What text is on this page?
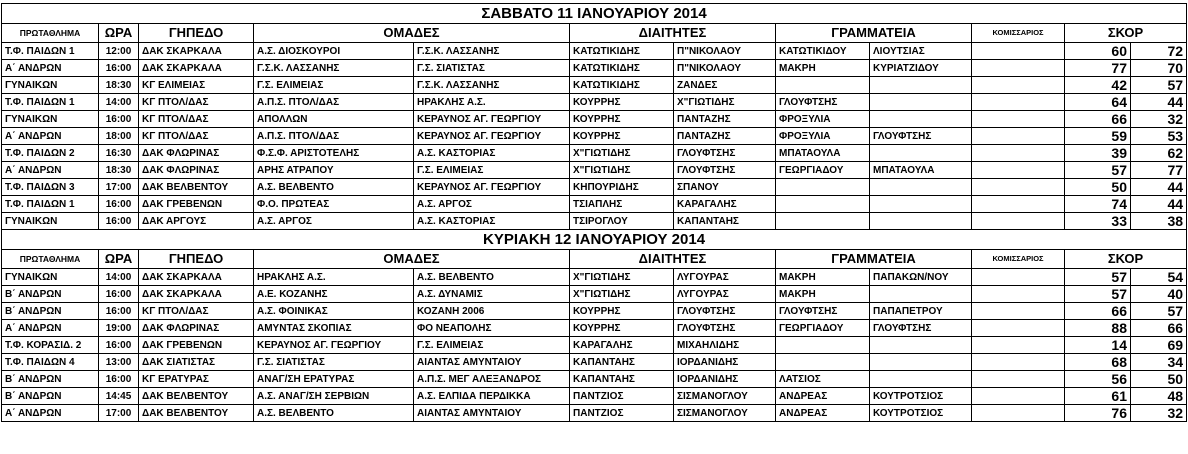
ΣΑΒΒΑΤΟ 11 ΙΑΝΟΥΑΡΙΟΥ 2014											
ΠΡΩΤΑΘΛΗΜΑ	ΩΡΑ	ΓΗΠΕΔΟ	ΟΜΑΔΕΣ		ΔΙΑΙΤΗΤΕΣ		ΓΡΑΜΜΑΤΕΙΑ		ΚΟΜΙΣΣΑΡΙΟΣ	ΣΚΟΡ	
Τ.Φ. ΠΑΙΔΩΝ 1	12:00	ΔΑΚ ΣΚΑΡΚΑΛΑ	Α.Σ. ΔΙΟΣΚΟΥΡΟΙ	Γ.Σ.Κ. ΛΑΣΣΑΝΗΣ	ΚΑΤΩΤΙΚΙΔΗΣ	Π"ΝΙΚΟΛΑΟΥ	ΚΑΤΩΤΙΚΙΔΟΥ	ΛΙΟΥΤΣΙΑΣ		60	72
Α΄ ΑΝΔΡΩΝ	16:00	ΔΑΚ ΣΚΑΡΚΑΛΑ	Γ.Σ.Κ. ΛΑΣΣΑΝΗΣ	Γ.Σ. ΣΙΑΤΙΣΤΑΣ	ΚΑΤΩΤΙΚΙΔΗΣ	Π"ΝΙΚΟΛΑΟΥ	ΜΑΚΡΗ	ΚΥΡΙΑΤΖΙΔΟΥ		77	70
ΓΥΝΑΙΚΩΝ	18:30	ΚΓ ΕΛΙΜΕΙΑΣ	Γ.Σ. ΕΛΙΜΕΙΑΣ	Γ.Σ.Κ. ΛΑΣΣΑΝΗΣ	ΚΑΤΩΤΙΚΙΔΗΣ	ΖΑΝΔΕΣ				42	57
Τ.Φ. ΠΑΙΔΩΝ 1	14:00	ΚΓ ΠΤΟΛ/ΔΑΣ	Α.Π.Σ. ΠΤΟΛ/ΔΑΣ	ΗΡΑΚΛΗΣ Α.Σ.	ΚΟΥΡΡΗΣ	Χ"ΓΙΩΤΙΔΗΣ	ΓΛΟΥΦΤΣΗΣ			64	44
ΓΥΝΑΙΚΩΝ	16:00	ΚΓ ΠΤΟΛ/ΔΑΣ	ΑΠΟΛΛΩΝ	ΚΕΡΑΥΝΟΣ ΑΓ. ΓΕΩΡΓΙΟΥ	ΚΟΥΡΡΗΣ	ΠΑΝΤΑΖΗΣ	ΦΡΟΞΥΛΙΑ			66	32
Α΄ ΑΝΔΡΩΝ	18:00	ΚΓ ΠΤΟΛ/ΔΑΣ	Α.Π.Σ. ΠΤΟΛ/ΔΑΣ	ΚΕΡΑΥΝΟΣ ΑΓ. ΓΕΩΡΓΙΟΥ	ΚΟΥΡΡΗΣ	ΠΑΝΤΑΖΗΣ	ΦΡΟΞΥΛΙΑ	ΓΛΟΥΦΤΣΗΣ		59	53
Τ.Φ. ΠΑΙΔΩΝ 2	16:30	ΔΑΚ ΦΛΩΡΙΝΑΣ	Φ.Σ.Φ. ΑΡΙΣΤΟΤΕΛΗΣ	Α.Σ. ΚΑΣΤΟΡΙΑΣ	Χ"ΓΙΩΤΙΔΗΣ	ΓΛΟΥΦΤΣΗΣ	ΜΠΑΤΑΟΥΛΑ			39	62
Α΄ ΑΝΔΡΩΝ	18:30	ΔΑΚ ΦΛΩΡΙΝΑΣ	ΑΡΗΣ ΑΤΡΑΠΟΥ	Γ.Σ. ΕΛΙΜΕΙΑΣ	Χ"ΓΙΩΤΙΔΗΣ	ΓΛΟΥΦΤΣΗΣ	ΓΕΩΡΓΙΑΔΟΥ	ΜΠΑΤΑΟΥΛΑ		57	77
Τ.Φ. ΠΑΙΔΩΝ 3	17:00	ΔΑΚ ΒΕΛΒΕΝΤΟΥ	Α.Σ. ΒΕΛΒΕΝΤΟ	ΚΕΡΑΥΝΟΣ ΑΓ. ΓΕΩΡΓΙΟΥ	ΚΗΠΟΥΡΙΔΗΣ	ΣΠΑΝΟΥ				50	44
Τ.Φ. ΠΑΙΔΩΝ 1	16:00	ΔΑΚ ΓΡΕΒΕΝΩΝ	Φ.Ο. ΠΡΩΤΕΑΣ	Α.Σ. ΑΡΓΟΣ	ΤΣΙΑΠΛΗΣ	ΚΑΡΑΓΑΛΗΣ				74	44
ΓΥΝΑΙΚΩΝ	16:00	ΔΑΚ ΑΡΓΟΥΣ	Α.Σ. ΑΡΓΟΣ	Α.Σ. ΚΑΣΤΟΡΙΑΣ	ΤΣΙΡΟΓΛΟΥ	ΚΑΠΑΝΤΑΗΣ				33	38
ΚΥΡΙΑΚΗ 12 ΙΑΝΟΥΑΡΙΟΥ 2014											
ΠΡΩΤΑΘΛΗΜΑ	ΩΡΑ	ΓΗΠΕΔΟ	ΟΜΑΔΕΣ		ΔΙΑΙΤΗΤΕΣ		ΓΡΑΜΜΑΤΕΙΑ		ΚΟΜΙΣΣΑΡΙΟΣ	ΣΚΟΡ	
ΓΥΝΑΙΚΩΝ	14:00	ΔΑΚ ΣΚΑΡΚΑΛΑ	ΗΡΑΚΛΗΣ Α.Σ.	Α.Σ. ΒΕΛΒΕΝΤΟ	Χ"ΓΙΩΤΙΔΗΣ	ΛΥΓΟΥΡΑΣ	ΜΑΚΡΗ	ΠΑΠΑΚΩΝ/ΝΟΥ		57	54
Β΄ ΑΝΔΡΩΝ	16:00	ΔΑΚ ΣΚΑΡΚΑΛΑ	Α.Ε. ΚΟΖΑΝΗΣ	Α.Σ. ΔΥΝΑΜΙΣ	Χ"ΓΙΩΤΙΔΗΣ	ΛΥΓΟΥΡΑΣ	ΜΑΚΡΗ			57	40
Β΄ ΑΝΔΡΩΝ	16:00	ΚΓ ΠΤΟΛ/ΔΑΣ	Α.Σ. ΦΟΙΝΙΚΑΣ	ΚΟΖΑΝΗ 2006	ΚΟΥΡΡΗΣ	ΓΛΟΥΦΤΣΗΣ	ΓΛΟΥΦΤΣΗΣ	ΠΑΠΑΠΕΤΡΟΥ		66	57
Α΄ ΑΝΔΡΩΝ	19:00	ΔΑΚ ΦΛΩΡΙΝΑΣ	ΑΜΥΝΤΑΣ ΣΚΟΠΙΑΣ	ΦΟ ΝΕΑΠΟΛΗΣ	ΚΟΥΡΡΗΣ	ΓΛΟΥΦΤΣΗΣ	ΓΕΩΡΓΙΑΔΟΥ	ΓΛΟΥΦΤΣΗΣ		88	66
Τ.Φ. ΚΟΡΑΣΙΔ. 2	16:00	ΔΑΚ ΓΡΕΒΕΝΩΝ	ΚΕΡΑΥΝΟΣ ΑΓ. ΓΕΩΡΓΙΟΥ	Γ.Σ. ΕΛΙΜΕΙΑΣ	ΚΑΡΑΓΑΛΗΣ	ΜΙΧΑΗΛΙΔΗΣ				14	69
Τ.Φ. ΠΑΙΔΩΝ 4	13:00	ΔΑΚ ΣΙΑΤΙΣΤΑΣ	Γ.Σ. ΣΙΑΤΙΣΤΑΣ	ΑΙΑΝΤΑΣ ΑΜΥΝΤΑΙΟΥ	ΚΑΠΑΝΤΑΗΣ	ΙΟΡΔΑΝΙΔΗΣ				68	34
Β΄ ΑΝΔΡΩΝ	16:00	ΚΓ ΕΡΑΤΥΡΑΣ	ΑΝΑΓ/ΣΗ ΕΡΑΤΥΡΑΣ	Α.Π.Σ. ΜΕΓ ΑΛΕΞΑΝΔΡΟΣ	ΚΑΠΑΝΤΑΗΣ	ΙΟΡΔΑΝΙΔΗΣ	ΛΑΤΣΙΟΣ			56	50
Β΄ ΑΝΔΡΩΝ	14:45	ΔΑΚ ΒΕΛΒΕΝΤΟΥ	Α.Σ. ΑΝΑΓ/ΣΗ ΣΕΡΒΙΩΝ	Α.Σ. ΕΛΠΙΔΑ ΠΕΡΔΙΚΚΑ	ΠΑΝΤΖΙΟΣ	ΣΙΣΜΑΝΟΓΛΟΥ	ΑΝΔΡΕΑΣ	ΚΟΥΤΡΟΤΣΙΟΣ		61	48
Α΄ ΑΝΔΡΩΝ	17:00	ΔΑΚ ΒΕΛΒΕΝΤΟΥ	Α.Σ. ΒΕΛΒΕΝΤΟ	ΑΙΑΝΤΑΣ ΑΜΥΝΤΑΙΟΥ	ΠΑΝΤΖΙΟΣ	ΣΙΣΜΑΝΟΓΛΟΥ	ΑΝΔΡΕΑΣ	ΚΟΥΤΡΟΤΣΙΟΣ		76	32
